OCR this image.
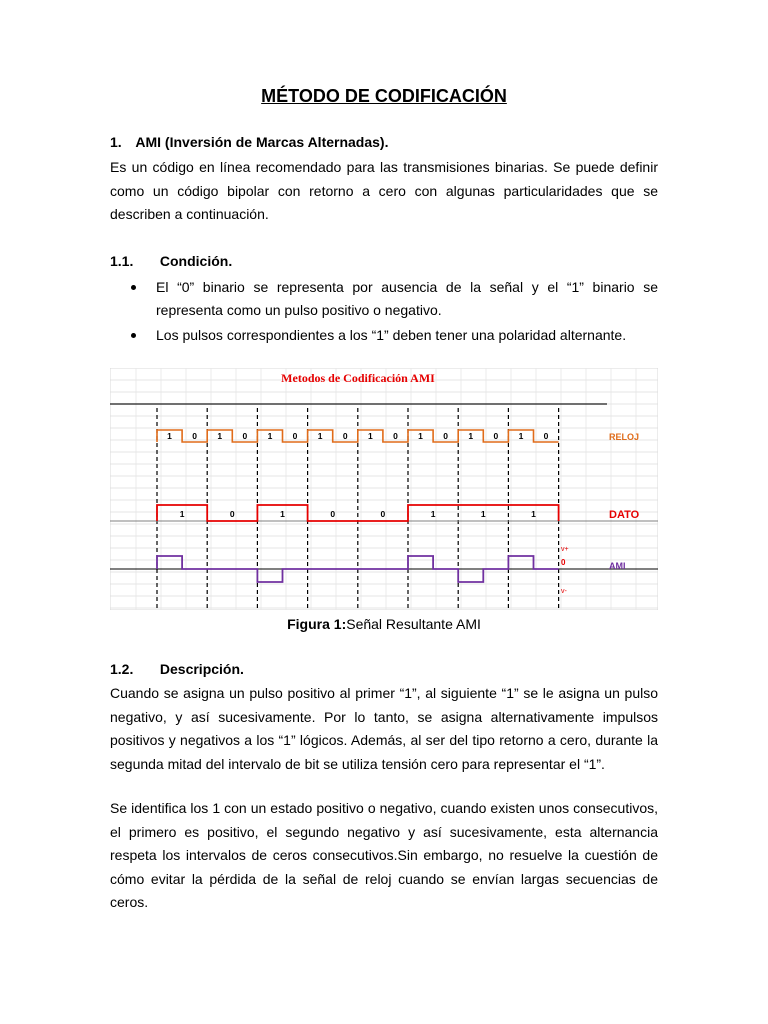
MÉTODO DE CODIFICACIÓN
1. AMI (Inversión de Marcas Alternadas).
Es un código en línea recomendado para las transmisiones binarias. Se puede definir como un código bipolar con retorno a cero con algunas particularidades que se describen a continuación.
1.1. Condición.
El “0” binario se representa por ausencia de la señal y el “1” binario se representa como un pulso positivo o negativo.
Los pulsos correspondientes a los “1” deben tener una polaridad alternante.
Metodos de Codificación AMI
1 0 1 0 1 0 1 0 1 0 1 0 1 0 1 0	RELOJ
1	0	1	0	0	1	1	1	DATO
AMI
v+
0
v-
Figura 1:Señal Resultante AMI
1.2. Descripción.
Cuando se asigna un pulso positivo al primer “1”, al siguiente “1” se le asigna un pulso negativo, y así sucesivamente. Por lo tanto, se asigna alternativamente impulsos positivos y negativos a los “1” lógicos. Además, al ser del tipo retorno a cero, durante la segunda mitad del intervalo de bit se utiliza tensión cero para representar el “1”.
Se identifica los 1 con un estado positivo o negativo, cuando existen unos consecutivos, el primero es positivo, el segundo negativo y así sucesivamente, esta alternancia respeta los intervalos de ceros consecutivos.Sin embargo, no resuelve la cuestión de cómo evitar la pérdida de la señal de reloj cuando se envían largas secuencias de ceros.
